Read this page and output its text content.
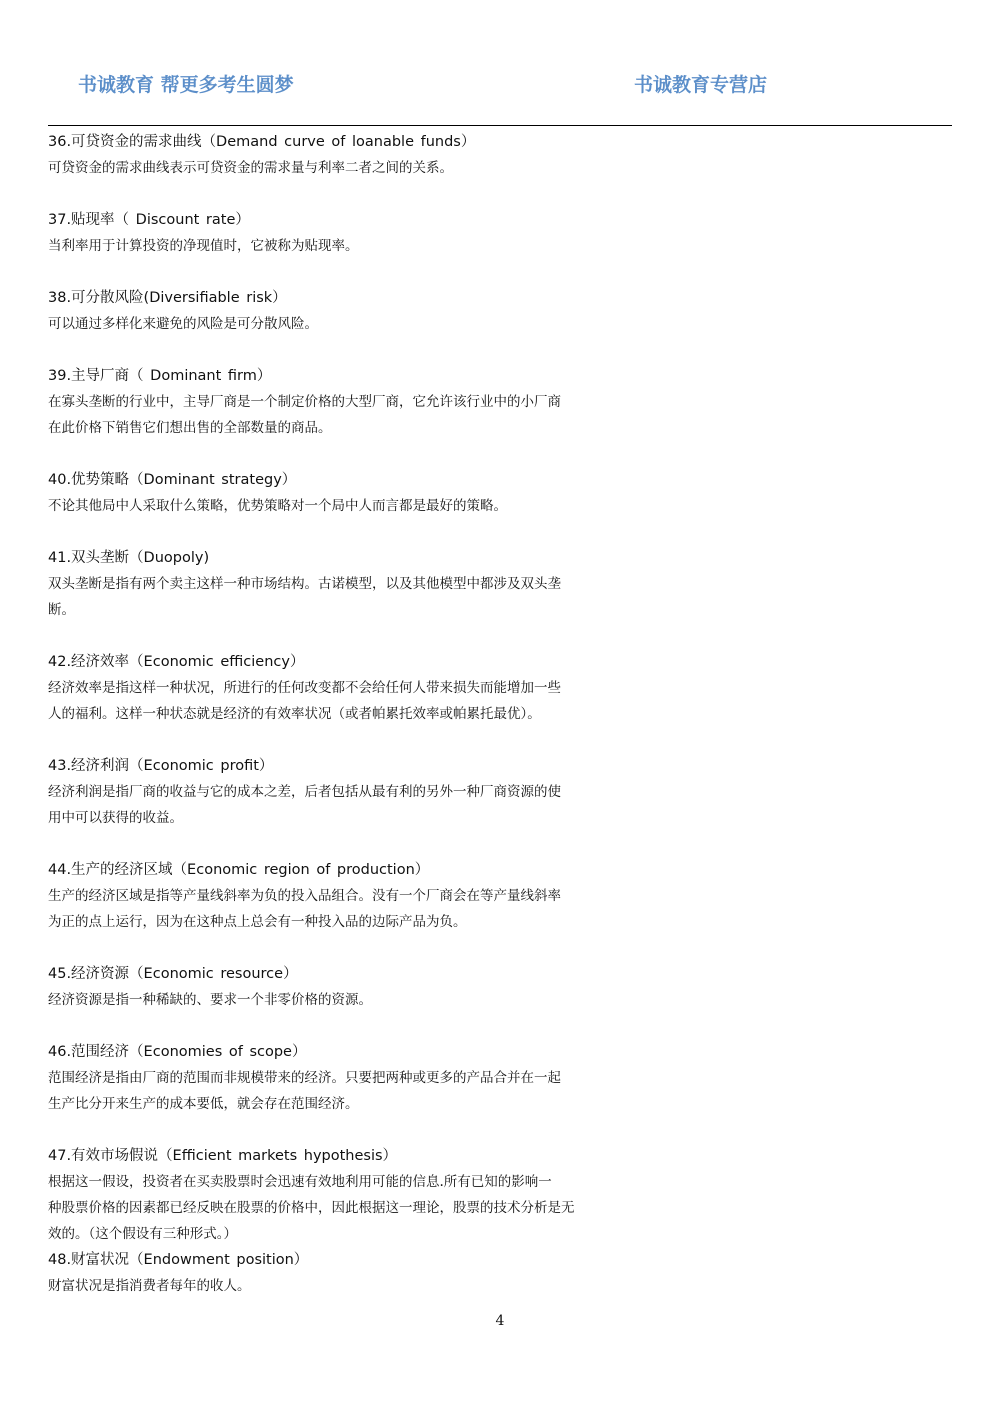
书诚教育 帮更多考生圆梦	书诚教育专营店
36.可贷资金的需求曲线（Demand curve of loanable funds）
可贷资金的需求曲线表示可贷资金的需求量与利率二者之间的关系。
37.贴现率（ Discount rate）
当利率用于计算投资的净现值时，它被称为贴现率。
38.可分散风险(Diversifiable risk）
可以通过多样化来避免的风险是可分散风险。
39.主导厂商（ Dominant firm）
在寡头垄断的行业中，主导厂商是一个制定价格的大型厂商，它允许该行业中的小厂商
在此价格下销售它们想出售的全部数量的商品。
40.优势策略（Dominant strategy）
不论其他局中人采取什么策略，优势策略对一个局中人而言都是最好的策略。
41.双头垄断（Duopoly)
双头垄断是指有两个卖主这样一种市场结构。古诺模型，以及其他模型中都涉及双头垄
断。
42.经济效率（Economic efficiency）
经济效率是指这样一种状况，所进行的任何改变都不会给任何人带来损失而能增加一些
人的福利。这样一种状态就是经济的有效率状况（或者帕累托效率或帕累托最优）。
43.经济利润（Economic profit）
经济利润是指厂商的收益与它的成本之差，后者包括从最有利的另外一种厂商资源的使
用中可以获得的收益。
44.生产的经济区域（Economic region of production）
生产的经济区域是指等产量线斜率为负的投入品组合。没有一个厂商会在等产量线斜率
为正的点上运行，因为在这种点上总会有一种投入品的边际产品为负。
45.经济资源（Economic resource）
经济资源是指一种稀缺的、要求一个非零价格的资源。
46.范围经济（Economies of scope）
范围经济是指由厂商的范围而非规模带来的经济。只要把两种或更多的产品合并在一起
生产比分开来生产的成本要低，就会存在范围经济。
47.有效市场假说（Efficient markets hypothesis）
根据这一假设，投资者在买卖股票时会迅速有效地利用可能的信息.所有已知的影响一
种股票价格的因素都已经反映在股票的价格中，因此根据这一理论，股票的技术分析是无
效的。（这个假设有三种形式。）
48.财富状况（Endowment position）
财富状况是指消费者每年的收人。
4
